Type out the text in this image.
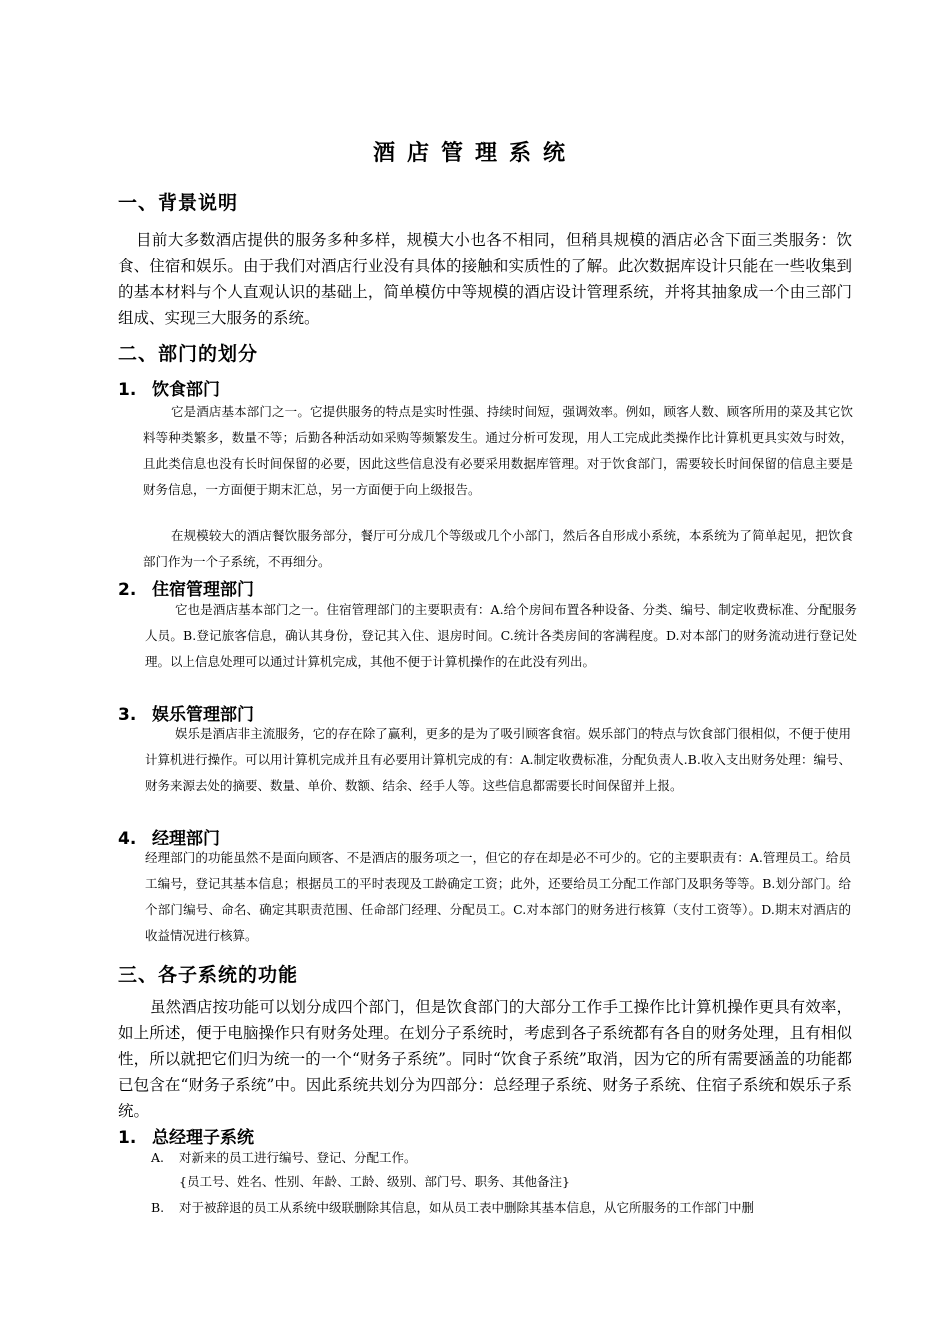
酒店管理系统
一、背景说明
目前大多数酒店提供的服务多种多样，规模大小也各不相同，但稍具规模的酒店必含下面三类服务：饮食、住宿和娱乐。由于我们对酒店行业没有具体的接触和实质性的了解。此次数据库设计只能在一些收集到的基本材料与个人直观认识的基础上，简单模仿中等规模的酒店设计管理系统，并将其抽象成一个由三部门组成、实现三大服务的系统。
二、部门的划分
1. 饮食部门
它是酒店基本部门之一。它提供服务的特点是实时性强、持续时间短，强调效率。例如，顾客人数、顾客所用的菜及其它饮料等种类繁多，数量不等；后勤各种活动如采购等频繁发生。通过分析可发现，用人工完成此类操作比计算机更具实效与时效，且此类信息也没有长时间保留的必要，因此这些信息没有必要采用数据库管理。对于饮食部门，需要较长时间保留的信息主要是财务信息，一方面便于期末汇总，另一方面便于向上级报告。
在规模较大的酒店餐饮服务部分，餐厅可分成几个等级或几个小部门，然后各自形成小系统，本系统为了简单起见，把饮食部门作为一个子系统，不再细分。
2. 住宿管理部门
它也是酒店基本部门之一。住宿管理部门的主要职责有：A.给个房间布置各种设备、分类、编号、制定收费标准、分配服务人员。B.登记旅客信息，确认其身份，登记其入住、退房时间。C.统计各类房间的客满程度。D.对本部门的财务流动进行登记处理。以上信息处理可以通过计算机完成，其他不便于计算机操作的在此没有列出。
3. 娱乐管理部门
娱乐是酒店非主流服务，它的存在除了赢利，更多的是为了吸引顾客食宿。娱乐部门的特点与饮食部门很相似，不便于使用计算机进行操作。可以用计算机完成并且有必要用计算机完成的有：A.制定收费标准，分配负责人.B.收入支出财务处理：编号、财务来源去处的摘要、数量、单价、数额、结余、经手人等。这些信息都需要长时间保留并上报。
4. 经理部门
经理部门的功能虽然不是面向顾客、不是酒店的服务项之一，但它的存在却是必不可少的。它的主要职责有：A.管理员工。给员工编号，登记其基本信息；根据员工的平时表现及工龄确定工资；此外，还要给员工分配工作部门及职务等等。B.划分部门。给个部门编号、命名、确定其职责范围、任命部门经理、分配员工。C.对本部门的财务进行核算（支付工资等）。D.期末对酒店的收益情况进行核算。
三、各子系统的功能
虽然酒店按功能可以划分成四个部门，但是饮食部门的大部分工作手工操作比计算机操作更具有效率，如上所述，便于电脑操作只有财务处理。在划分子系统时，考虑到各子系统都有各自的财务处理，且有相似性，所以就把它们归为统一的一个“财务子系统”。同时“饮食子系统”取消，因为它的所有需要涵盖的功能都已包含在“财务子系统”中。因此系统共划分为四部分：总经理子系统、财务子系统、住宿子系统和娱乐子系统。
1. 总经理子系统
A. 对新来的员工进行编号、登记、分配工作。
{员工号、姓名、性别、年龄、工龄、级别、部门号、职务、其他备注}
B. 对于被辞退的员工从系统中级联删除其信息，如从员工表中删除其基本信息，从它所服务的工作部门中删
